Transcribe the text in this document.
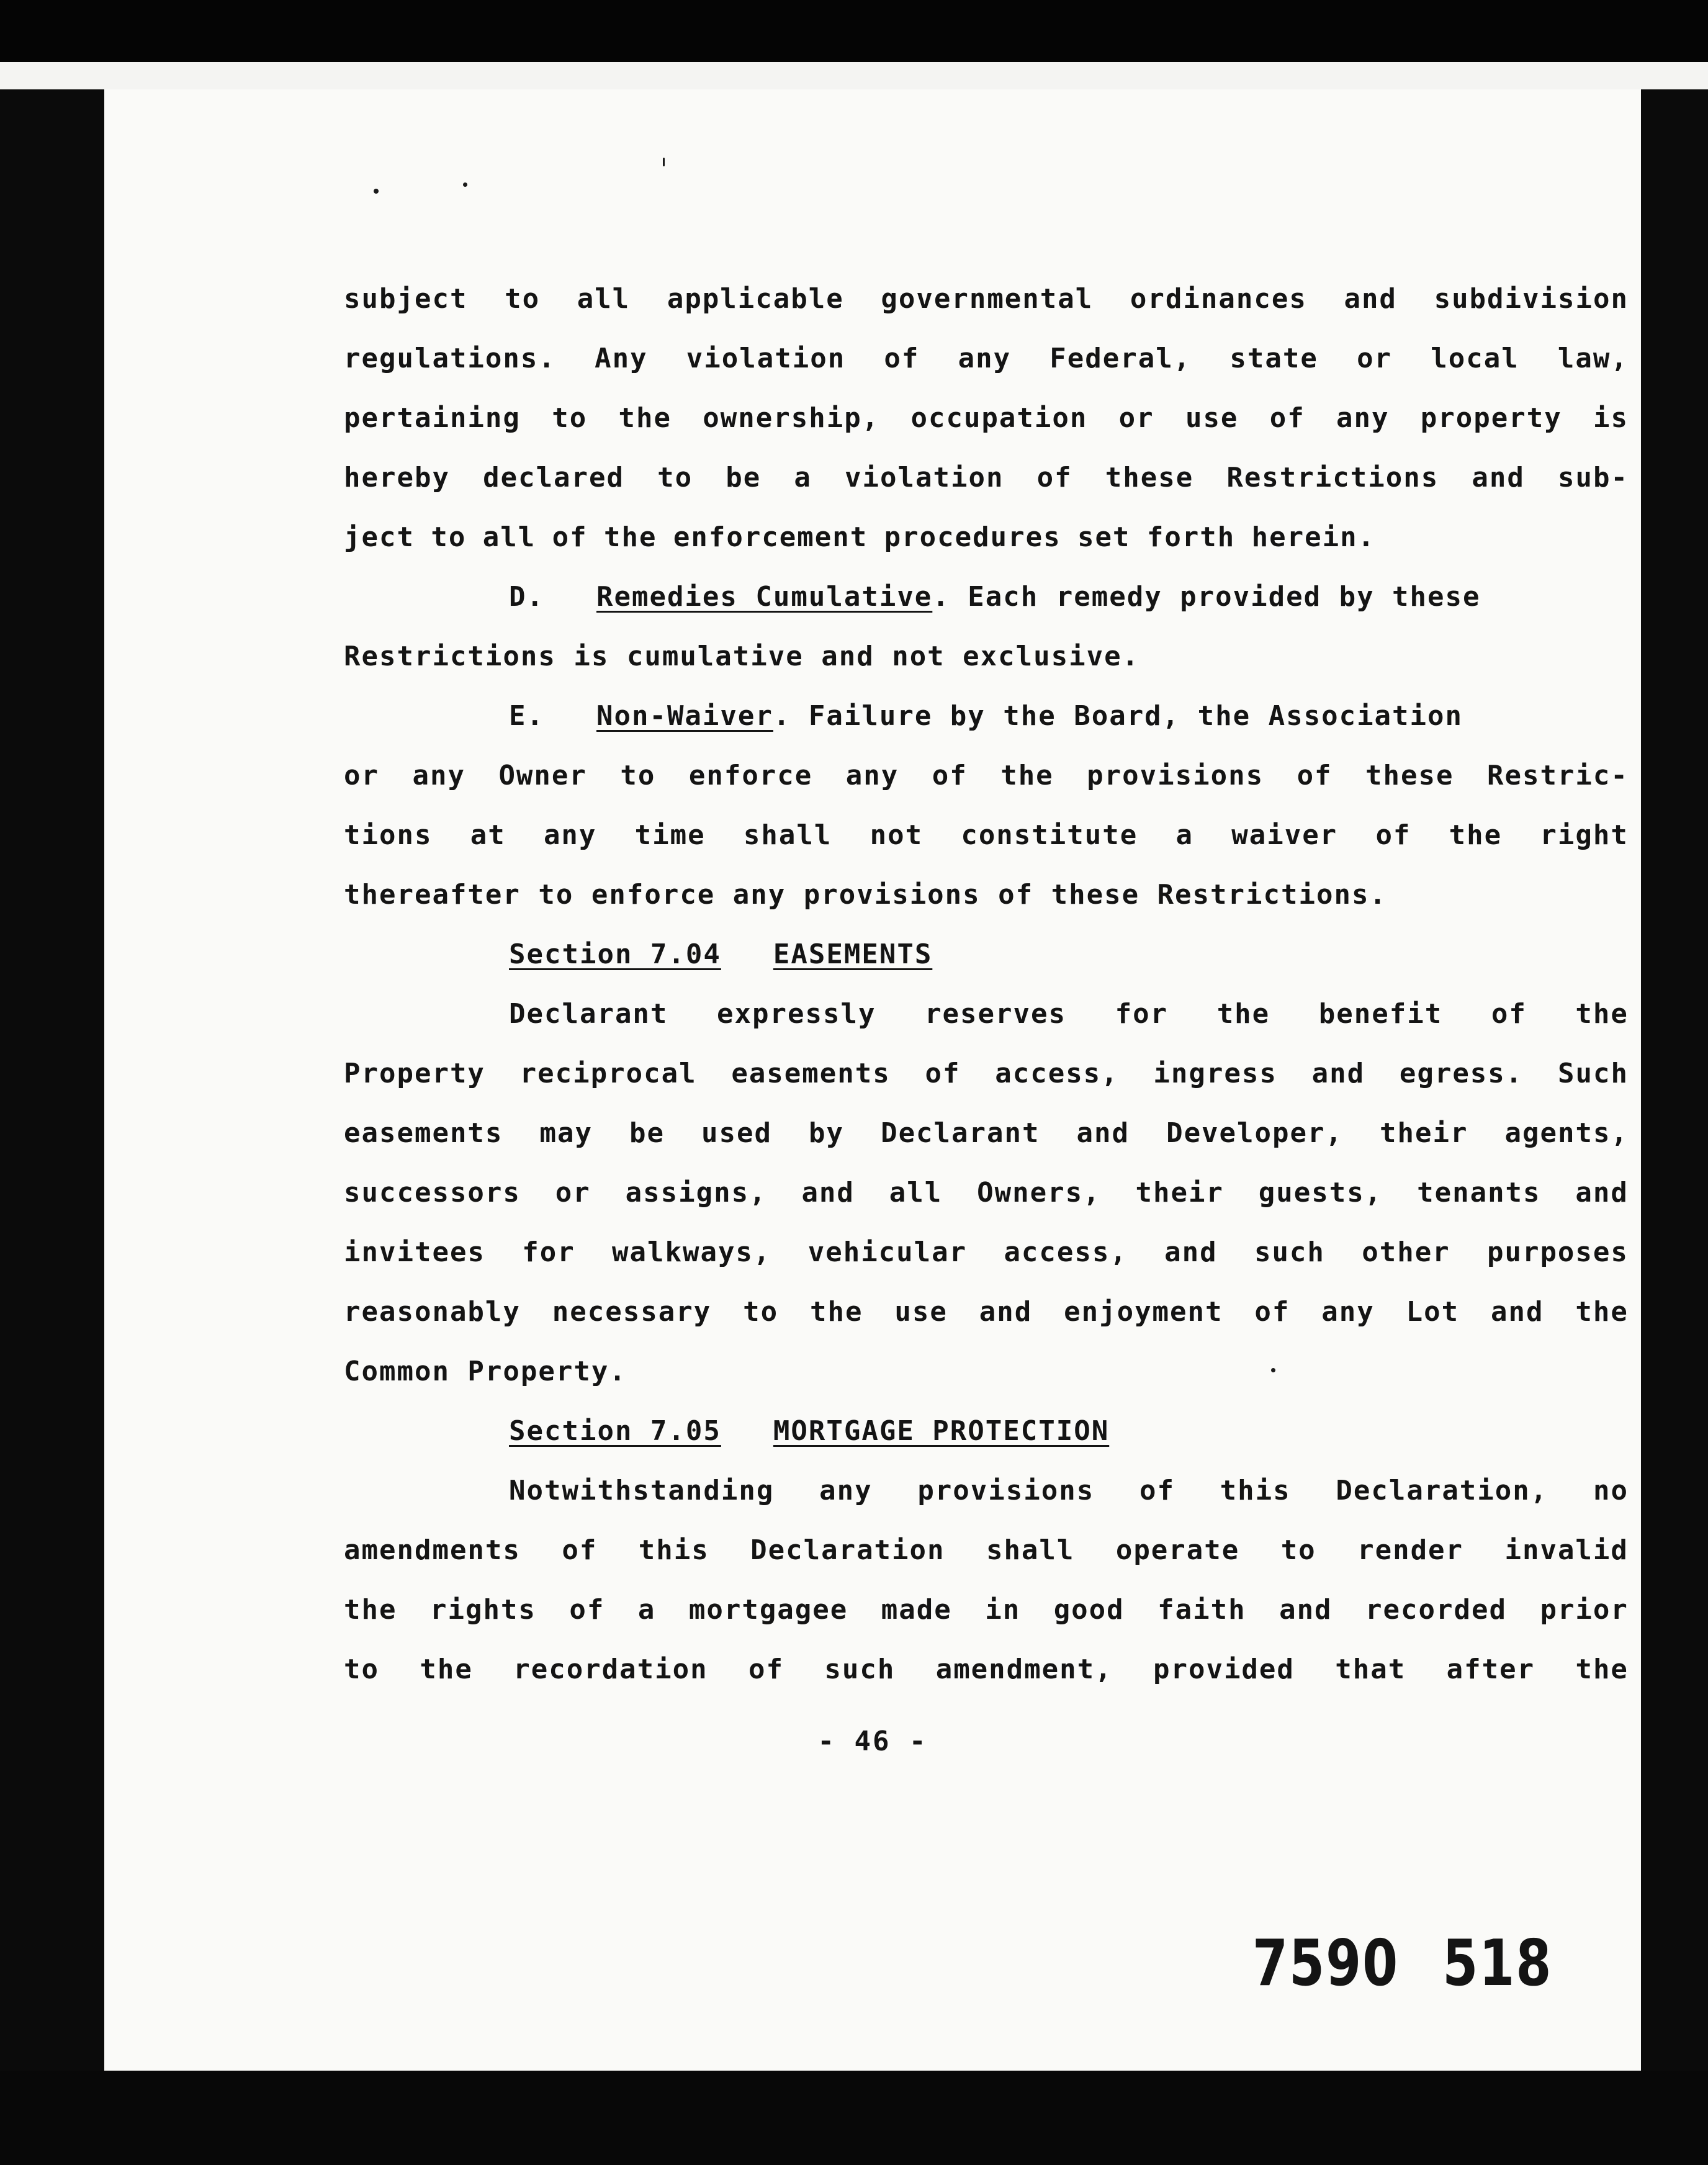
subject to all applicable governmental ordinances and subdivision
regulations. Any violation of any Federal, state or local law,
pertaining to the ownership, occupation or use of any property is
hereby declared to be a violation of these Restrictions and sub-
ject to all of the enforcement procedures set forth herein.
D. Remedies Cumulative . Each remedy provided by these
Restrictions is cumulative and not exclusive.
E. Non-Waiver . Failure by the Board, the Association
or any Owner to enforce any of the provisions of these Restric-
tions at any time shall not constitute a waiver of the right
thereafter to enforce any provisions of these Restrictions.
Section 7.04 EASEMENTS
Declarant expressly reserves for the benefit of the
Property reciprocal easements of access, ingress and egress. Such
easements may be used by Declarant and Developer, their agents,
successors or assigns, and all Owners, their guests, tenants and
invitees for walkways, vehicular access, and such other purposes
reasonably necessary to the use and enjoyment of any Lot and the
Common Property.
Section 7.05 MORTGAGE PROTECTION
Notwithstanding any provisions of this Declaration, no
amendments of this Declaration shall operate to render invalid
the rights of a mortgagee made in good faith and recorded prior
to the recordation of such amendment, provided that after the
- 46 -
7590 518
